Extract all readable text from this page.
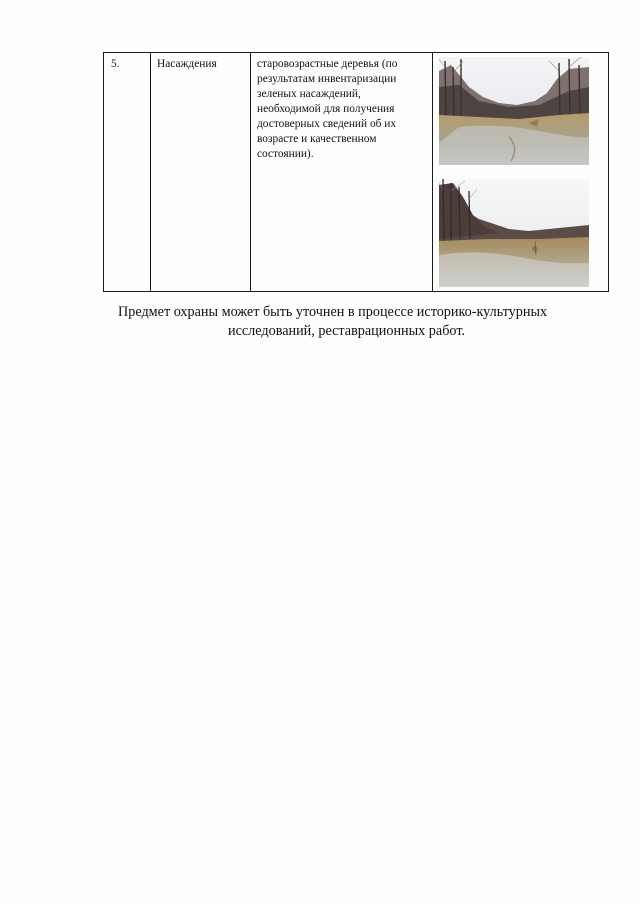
5.	Насаждения	старовозрастные деревья (по
результатам инвентаризации
зеленых насаждений,
необходимой для получения
достоверных сведений об их
возрасте и качественном
состоянии).
Предмет охраны может быть уточнен в процессе историко-культурных
исследований, реставрационных работ.
